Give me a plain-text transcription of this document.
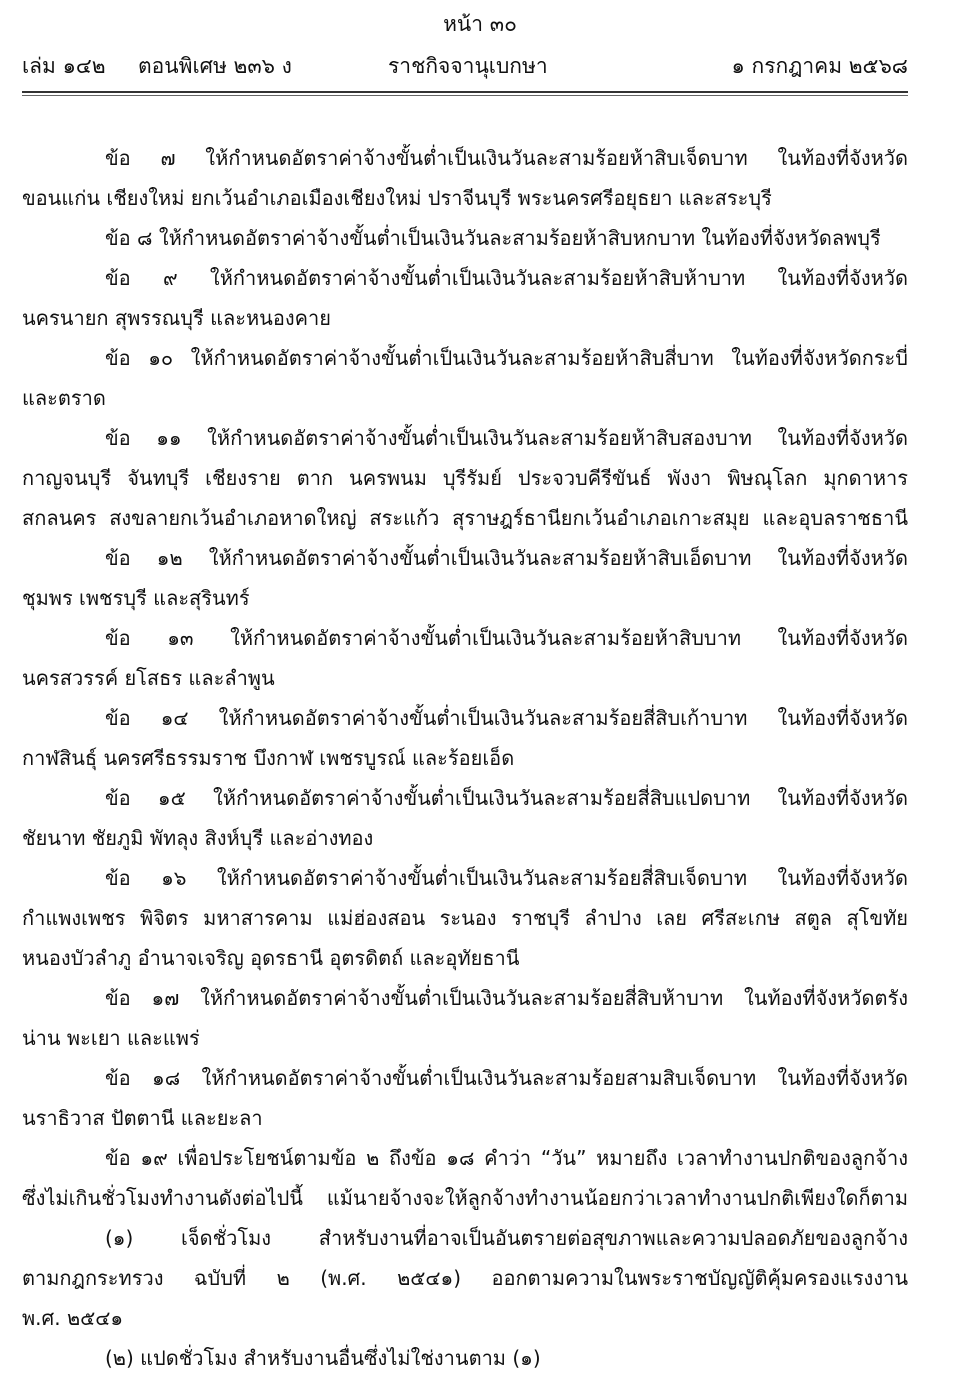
หน้า ๓๐
เล่ม ๑๔๒ ตอนพิเศษ ๒๓๖ ง	ราชกิจจานุเบกษา	๑ กรกฎาคม ๒๕๖๘
ข้อ ๗ ให้กำหนดอัตราค่าจ้างขั้นต่ำเป็นเงินวันละสามร้อยห้าสิบเจ็ดบาท ในท้องที่จังหวัด
ขอนแก่น เชียงใหม่ ยกเว้นอำเภอเมืองเชียงใหม่ ปราจีนบุรี พระนครศรีอยุธยา และสระบุรี
ข้อ ๘ ให้กำหนดอัตราค่าจ้างขั้นต่ำเป็นเงินวันละสามร้อยห้าสิบหกบาท ในท้องที่จังหวัดลพบุรี
ข้อ ๙ ให้กำหนดอัตราค่าจ้างขั้นต่ำเป็นเงินวันละสามร้อยห้าสิบห้าบาท ในท้องที่จังหวัด
นครนายก สุพรรณบุรี และหนองคาย
ข้อ ๑๐ ให้กำหนดอัตราค่าจ้างขั้นต่ำเป็นเงินวันละสามร้อยห้าสิบสี่บาท ในท้องที่จังหวัดกระบี่
และตราด
ข้อ ๑๑ ให้กำหนดอัตราค่าจ้างขั้นต่ำเป็นเงินวันละสามร้อยห้าสิบสองบาท ในท้องที่จังหวัด
กาญจนบุรี จันทบุรี เชียงราย ตาก นครพนม บุรีรัมย์ ประจวบคีรีขันธ์ พังงา พิษณุโลก มุกดาหาร
สกลนคร สงขลายกเว้นอำเภอหาดใหญ่ สระแก้ว สุราษฎร์ธานียกเว้นอำเภอเกาะสมุย และอุบลราชธานี
ข้อ ๑๒ ให้กำหนดอัตราค่าจ้างขั้นต่ำเป็นเงินวันละสามร้อยห้าสิบเอ็ดบาท ในท้องที่จังหวัด
ชุมพร เพชรบุรี และสุรินทร์
ข้อ ๑๓ ให้กำหนดอัตราค่าจ้างขั้นต่ำเป็นเงินวันละสามร้อยห้าสิบบาท ในท้องที่จังหวัด
นครสวรรค์ ยโสธร และลำพูน
ข้อ ๑๔ ให้กำหนดอัตราค่าจ้างขั้นต่ำเป็นเงินวันละสามร้อยสี่สิบเก้าบาท ในท้องที่จังหวัด
กาฬสินธุ์ นครศรีธรรมราช บึงกาฬ เพชรบูรณ์ และร้อยเอ็ด
ข้อ ๑๕ ให้กำหนดอัตราค่าจ้างขั้นต่ำเป็นเงินวันละสามร้อยสี่สิบแปดบาท ในท้องที่จังหวัด
ชัยนาท ชัยภูมิ พัทลุง สิงห์บุรี และอ่างทอง
ข้อ ๑๖ ให้กำหนดอัตราค่าจ้างขั้นต่ำเป็นเงินวันละสามร้อยสี่สิบเจ็ดบาท ในท้องที่จังหวัด
กำแพงเพชร พิจิตร มหาสารคาม แม่ฮ่องสอน ระนอง ราชบุรี ลำปาง เลย ศรีสะเกษ สตูล สุโขทัย
หนองบัวลำภู อำนาจเจริญ อุดรธานี อุตรดิตถ์ และอุทัยธานี
ข้อ ๑๗ ให้กำหนดอัตราค่าจ้างขั้นต่ำเป็นเงินวันละสามร้อยสี่สิบห้าบาท ในท้องที่จังหวัดตรัง
น่าน พะเยา และแพร่
ข้อ ๑๘ ให้กำหนดอัตราค่าจ้างขั้นต่ำเป็นเงินวันละสามร้อยสามสิบเจ็ดบาท ในท้องที่จังหวัด
นราธิวาส ปัตตานี และยะลา
ข้อ ๑๙ เพื่อประโยชน์ตามข้อ ๒ ถึงข้อ ๑๘ คำว่า “วัน” หมายถึง เวลาทำงานปกติของลูกจ้าง
ซึ่งไม่เกินชั่วโมงทำงานดังต่อไปนี้ แม้นายจ้างจะให้ลูกจ้างทำงานน้อยกว่าเวลาทำงานปกติเพียงใดก็ตาม
(๑) เจ็ดชั่วโมง สำหรับงานที่อาจเป็นอันตรายต่อสุขภาพและความปลอดภัยของลูกจ้าง
ตามกฎกระทรวง ฉบับที่ ๒ (พ.ศ. ๒๕๔๑) ออกตามความในพระราชบัญญัติคุ้มครองแรงงาน
พ.ศ. ๒๕๔๑
(๒) แปดชั่วโมง สำหรับงานอื่นซึ่งไม่ใช่งานตาม (๑)
